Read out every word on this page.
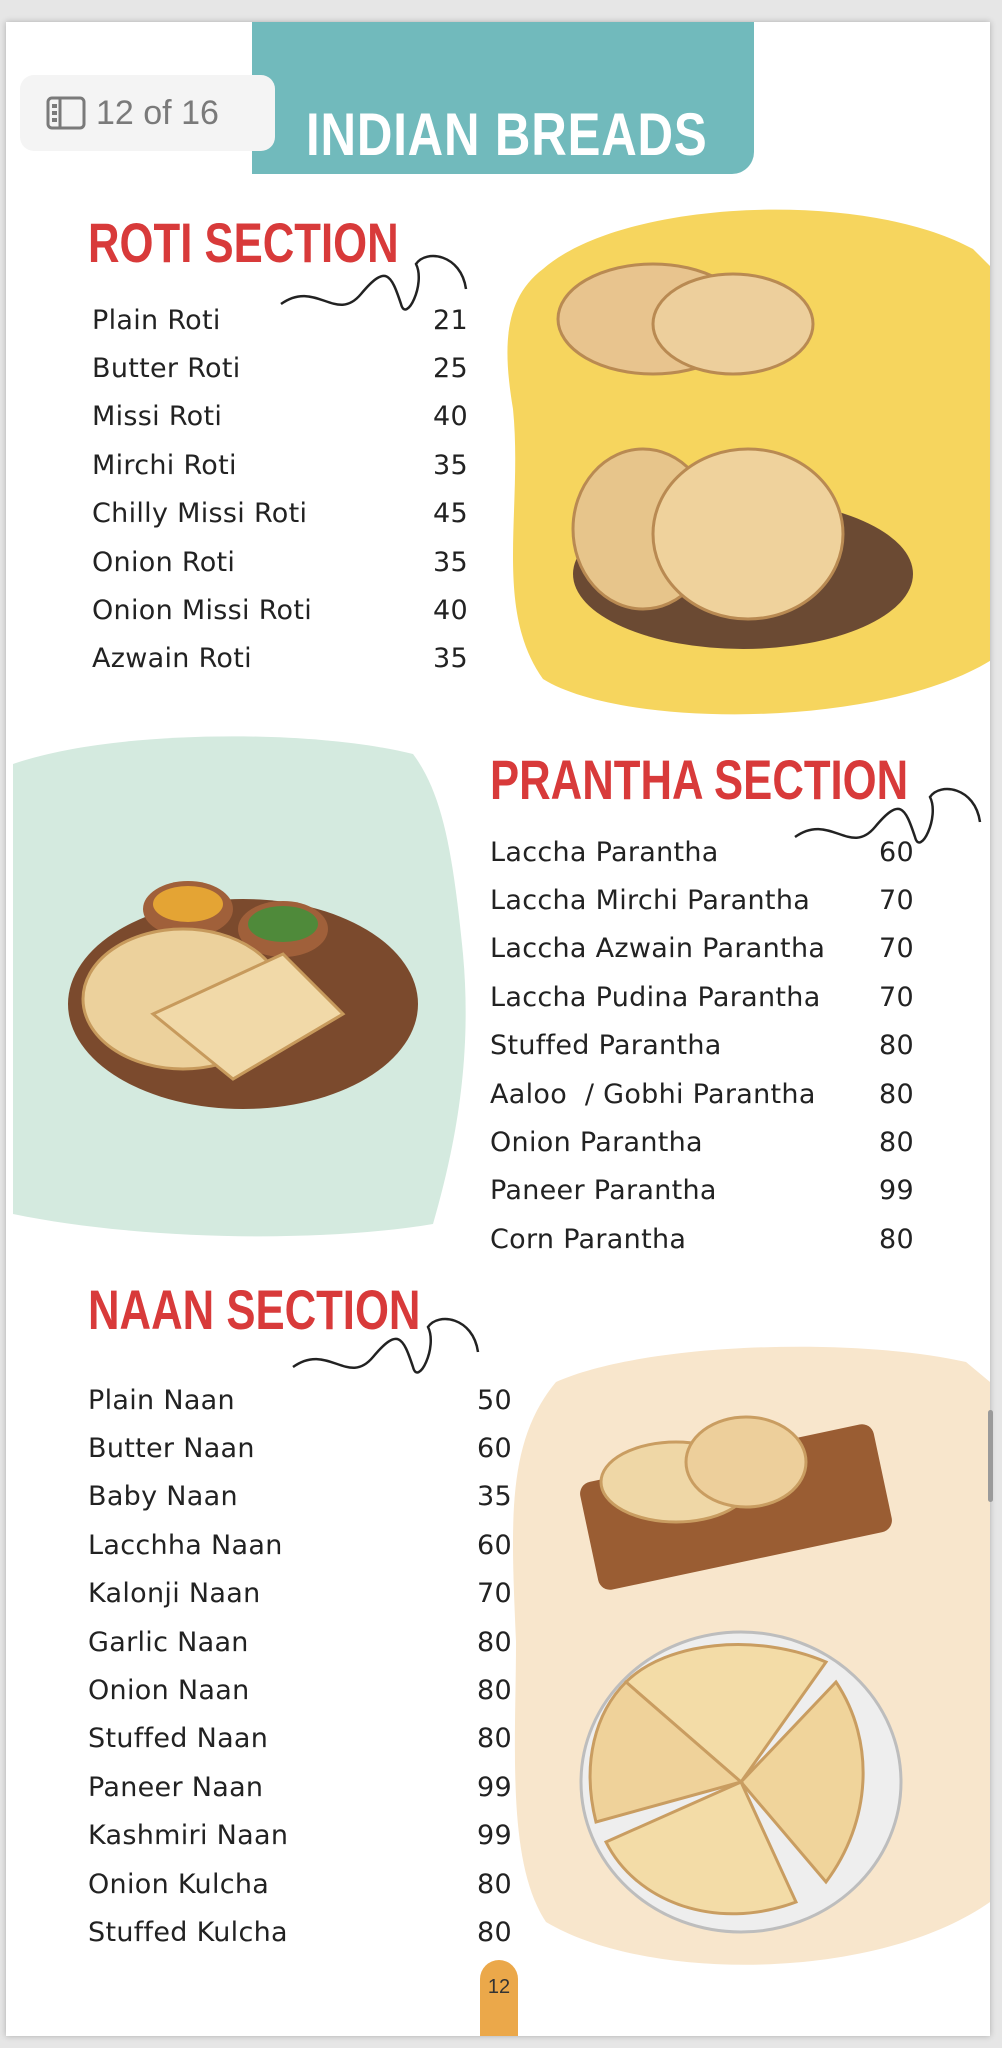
INDIAN BREADS
ROTI SECTION
Plain Roti	21
Butter Roti	25
Missi Roti	40
Mirchi Roti	35
Chilly Missi Roti	45
Onion Roti	35
Onion Missi Roti	40
Azwain Roti	35
PRANTHA SECTION
Laccha Parantha	60
Laccha Mirchi Parantha	70
Laccha Azwain Parantha 70
Laccha Pudina Parantha 70
Stuffed Parantha	80
Aaloo  / Gobhi Parantha 80
Onion Parantha	80
Paneer Parantha	99
Corn Parantha	80
NAAN SECTION
Plain Naan	50
Butter Naan	60
Baby Naan	35
Lacchha Naan	60
Kalonji Naan	70
Garlic Naan	80
Onion Naan	80
Stuffed Naan	80
Paneer Naan	99
Kashmiri Naan	99
Onion Kulcha	80
Stuffed Kulcha	80
12
12 of 16
